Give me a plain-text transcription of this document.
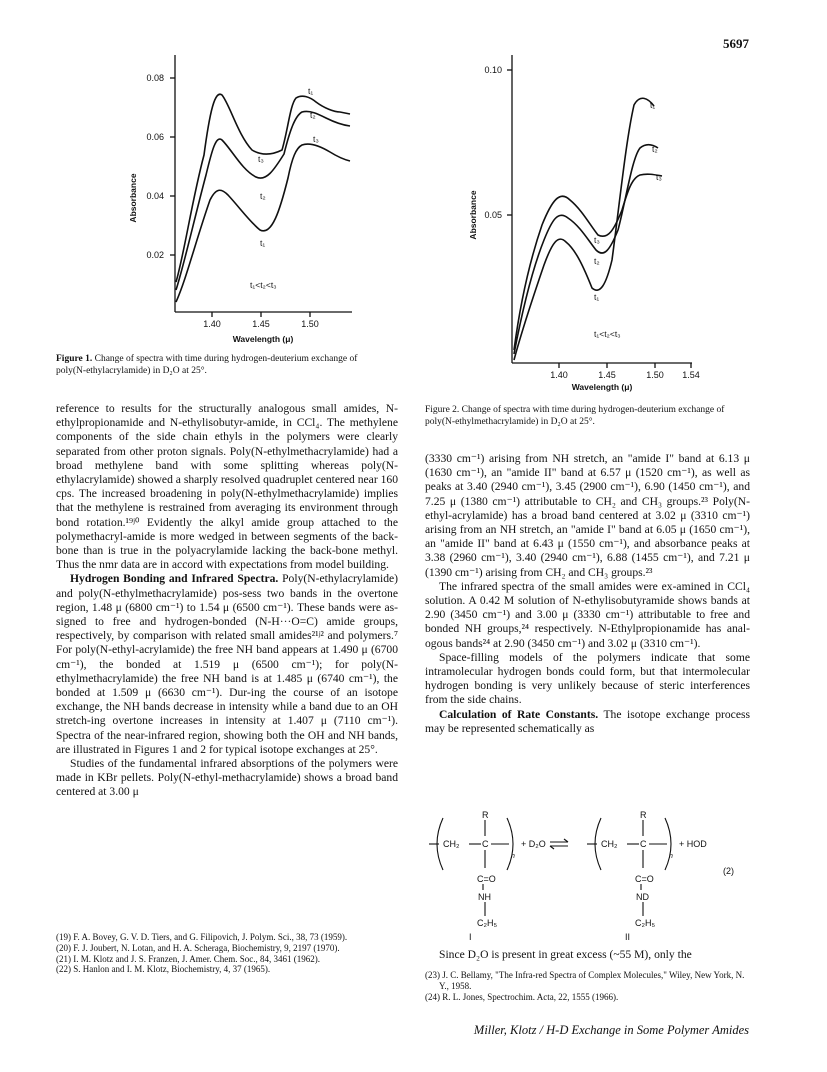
5697
0.08
0.06
0.04
0.02
1.40	1.45	1.50
Wavelength (μ)
Absorbance
t₁<t₂<t₃
t₁
t₂
t₃
t₃
t₂
t₁
Figure 1. Change of spectra with time during hydrogen-deuterium exchange of poly(N-ethylacrylamide) in D₂O at 25°.
0.10
0.05
1.40	1.45	1.50 1.54
Wavelength (μ)
Absorbance
t₁<t₂<t₃
t₁
t₂
t₃
t₃
t₂
t₁
Figure 2. Change of spectra with time during hydrogen-deuterium exchange of poly(N-ethylmethacrylamide) in D₂O at 25°.

reference to results for the structurally analogous small amides, N-ethylpropionamide and N-ethylisobutyr-amide, in CCl₄. The methylene components of the side chain ethyls in the polymers were clearly separated from other proton signals. Poly(N-ethylmethacrylamide) had a broad methylene band with some splitting whereas poly(N-ethylacrylamide) showed a sharply resolved quadruplet centered near 160 cps. The increased broadening in poly(N-ethylmethacrylamide) implies that the methylene is restrained from averaging its environment through bond rotation.¹⁹ʲ⁰ Evidently the alkyl amide group attached to the polymethacryl-amide is more wedged in between segments of the back-bone than is true in the polyacrylamide lacking the back-bone methyl. Thus the nmr data are in accord with expectations from model building.

Hydrogen Bonding and Infrared Spectra. Poly(N-ethylacrylamide) and poly(N-ethylmethacrylamide) pos-sess two bands in the overtone region, 1.48 μ (6800 cm⁻¹) to 1.54 μ (6500 cm⁻¹). These bands were as-signed to free and hydrogen-bonded (N-H···O=C) amide groups, respectively, by comparison with related small amides²¹ʲ² and polymers.⁷ For poly(N-ethyl-acrylamide) the free NH band appears at 1.490 μ (6700 cm⁻¹), the bonded at 1.519 μ (6500 cm⁻¹); for poly(N-ethylmethacrylamide) the free NH band is at 1.485 μ (6740 cm⁻¹), the bonded at 1.509 μ (6630 cm⁻¹). Dur-ing the course of an isotope exchange, the NH bands decrease in intensity while a band due to an OH stretch-ing overtone increases in intensity at 1.407 μ (7110 cm⁻¹). Spectra of the near-infrared region, showing both the OH and NH bands, are illustrated in Figures 1 and 2 for typical isotope exchanges at 25°.

Studies of the fundamental infrared absorptions of the polymers were made in KBr pellets. Poly(N-ethyl-methacrylamide) shows a broad band centered at 3.00 μ

(19) F. A. Bovey, G. V. D. Tiers, and G. Filipovich, J. Polym. Sci., 38, 73 (1959).

(20) F. J. Joubert, N. Lotan, and H. A. Scheraga, Biochemistry, 9, 2197 (1970).

(21) I. M. Klotz and J. S. Franzen, J. Amer. Chem. Soc., 84, 3461 (1962).

(22) S. Hanlon and I. M. Klotz, Biochemistry, 4, 37 (1965).

(3330 cm⁻¹) arising from NH stretch, an "amide I" band at 6.13 μ (1630 cm⁻¹), an "amide II" band at 6.57 μ (1520 cm⁻¹), as well as peaks at 3.40 (2940 cm⁻¹), 3.45 (2900 cm⁻¹), 6.90 (1450 cm⁻¹), and 7.25 μ (1380 cm⁻¹) attributable to CH₂ and CH₃ groups.²³ Poly(N-ethyl-acrylamide) has a broad band centered at 3.02 μ (3310 cm⁻¹) arising from an NH stretch, an "amide I" band at 6.05 μ (1650 cm⁻¹), an "amide II" band at 6.43 μ (1550 cm⁻¹), and absorbance peaks at 3.38 (2960 cm⁻¹), 3.40 (2940 cm⁻¹), 6.88 (1455 cm⁻¹), and 7.21 μ (1390 cm⁻¹) arising from CH₂ and CH₃ groups.²³

The infrared spectra of the small amides were ex-amined in CCl₄ solution. A 0.42 M solution of N-ethylisobutyramide shows bands at 2.90 (3450 cm⁻¹) and 3.00 μ (3330 cm⁻¹) attributable to free and bonded NH groups,²⁴ respectively. N-Ethylpropionamide has anal-ogous bands²⁴ at 2.90 (3450 cm⁻¹) and 3.02 μ (3310 cm⁻¹).

Space-filling models of the polymers indicate that some intramolecular hydrogen bonds could form, but that intermolecular hydrogen bonding is very unlikely because of steric interferences from the side chains.

Calculation of Rate Constants. The isotope exchange process may be represented schematically as

R
CH₂	C
n
+ D₂O
C=O
NH
C₂H₅
I
R
CH₂	C
n
+ HOD
C=O
ND
C₂H₅
II
(2)

Since D₂O is present in great excess (~55 M), only the

(23) J. C. Bellamy, "The Infra-red Spectra of Complex Molecules," Wiley, New York, N. Y., 1958.

(24) R. L. Jones, Spectrochim. Acta, 22, 1555 (1966).

Miller, Klotz / H-D Exchange in Some Polymer Amides
